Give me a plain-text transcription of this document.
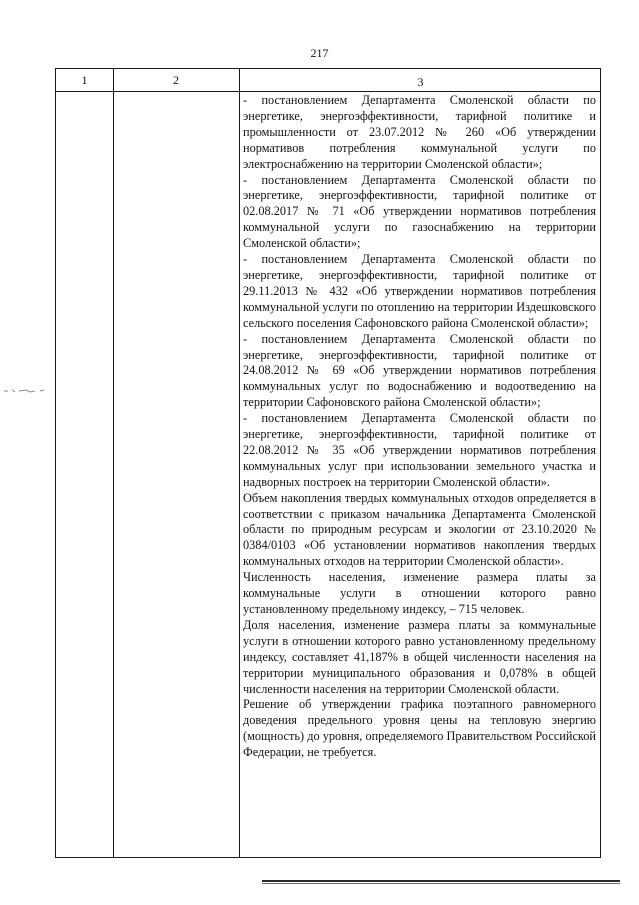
217
1	2	3

- постановлением Департамента Смоленской области по энергетике, энергоэффективности, тарифной политике и промышленности от 23.07.2012 № 260 «Об утверждении нормативов потребления коммунальной услуги по электроснабжению на территории Смоленской области»;

- постановлением Департамента Смоленской области по энергетике, энергоэффективности, тарифной политике от 02.08.2017 № 71 «Об утверждении нормативов потребления коммунальной услуги по газоснабжению на территории Смоленской области»;

- постановлением Департамента Смоленской области по энергетике, энергоэффективности, тарифной политике от 29.11.2013 № 432 «Об утверждении нормативов потребления коммунальной услуги по отоплению на территории Издешковского сельского поселения Сафоновского района Смоленской области»;

- постановлением Департамента Смоленской области по энергетике, энергоэффективности, тарифной политике от 24.08.2012 № 69 «Об утверждении нормативов потребления коммунальных услуг по водоснабжению и водоотведению на территории Сафоновского района Смоленской области»;

- постановлением Департамента Смоленской области по энергетике, энергоэффективности, тарифной политике от 22.08.2012 № 35 «Об утверждении нормативов потребления коммунальных услуг при использовании земельного участка и надворных построек на территории Смоленской области».

Объем накопления твердых коммунальных отходов определяется в соответствии с приказом начальника Департамента Смоленской области по природным ресурсам и экологии от 23.10.2020 № 0384/0103 «Об установлении нормативов накопления твердых коммунальных отходов на территории Смоленской области».

Численность населения, изменение размера платы за коммунальные услуги в отношении которого равно установленному предельному индексу, – 715 человек.

Доля населения, изменение размера платы за коммунальные услуги в отношении которого равно установленному предельному индексу, составляет 41,187% в общей численности населения на территории муниципального образования и 0,078% в общей численности населения на территории Смоленской области.

Решение об утверждении графика поэтапного равномерного доведения предельного уровня цены на тепловую энергию (мощность) до уровня, определяемого Правительством Российской Федерации, не требуется.
